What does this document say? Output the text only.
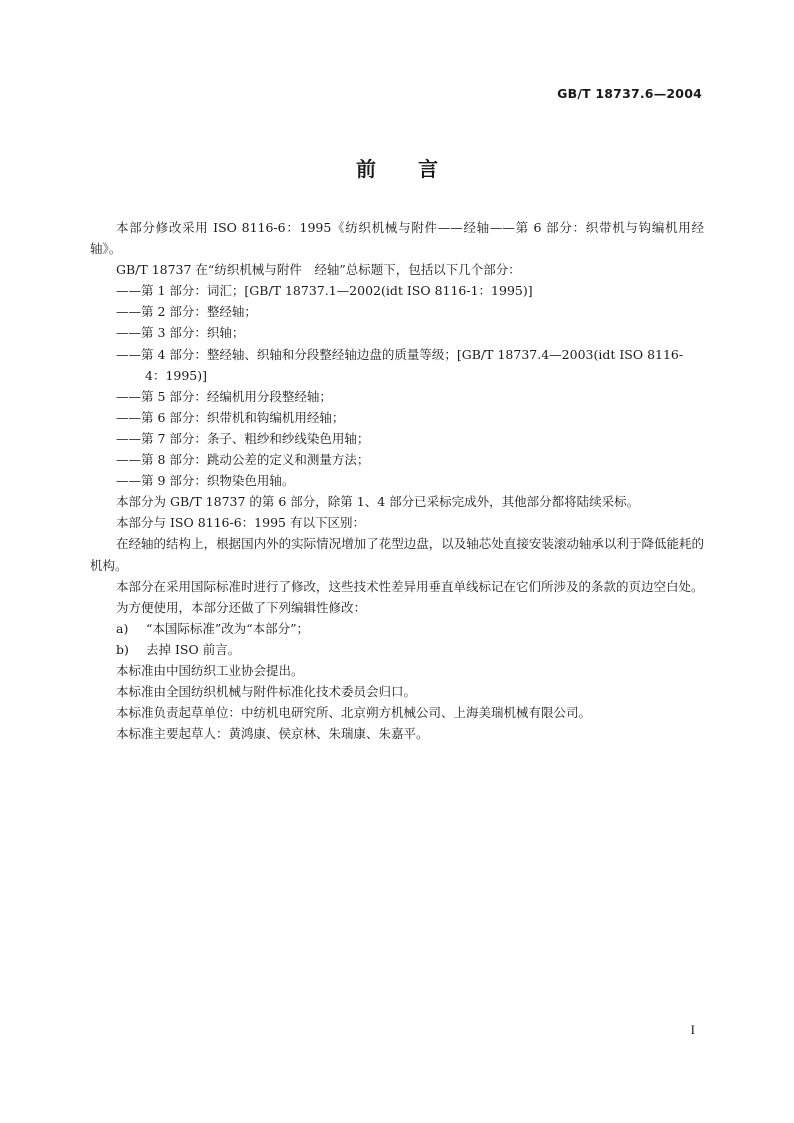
GB/T 18737.6—2004
前 言

本部分修改采用 ISO 8116-6：1995《纺织机械与附件——经轴——第 6 部分：织带机与钩编机用经轴》。

GB/T 18737 在“纺织机械与附件　经轴”总标题下，包括以下几个部分：

——第 1 部分：词汇；[GB/T 18737.1—2002(idt ISO 8116-1：1995)]

——第 2 部分：整经轴；

——第 3 部分：织轴；

——第 4 部分：整经轴、织轴和分段整经轴边盘的质量等级；[GB/T 18737.4—2003(idt ISO 8116-

4：1995)]

——第 5 部分：经编机用分段整经轴；

——第 6 部分：织带机和钩编机用经轴；

——第 7 部分：条子、粗纱和纱线染色用轴；

——第 8 部分：跳动公差的定义和测量方法；

——第 9 部分：织物染色用轴。

本部分为 GB/T 18737 的第 6 部分，除第 1、4 部分已采标完成外，其他部分都将陆续采标。

本部分与 ISO 8116-6：1995 有以下区别：

在经轴的结构上，根据国内外的实际情况增加了花型边盘，以及轴芯处直接安装滚动轴承以利于降低能耗的机构。

本部分在采用国际标准时进行了修改，这些技术性差异用垂直单线标记在它们所涉及的条款的页边空白处。

为方便使用，本部分还做了下列编辑性修改：

a) “本国际标准”改为“本部分”；

b) 去掉 ISO 前言。

本标准由中国纺织工业协会提出。

本标准由全国纺织机械与附件标准化技术委员会归口。

本标准负责起草单位：中纺机电研究所、北京朔方机械公司、上海美瑞机械有限公司。

本标准主要起草人：黄鸿康、侯京林、朱瑞康、朱嘉平。

I
